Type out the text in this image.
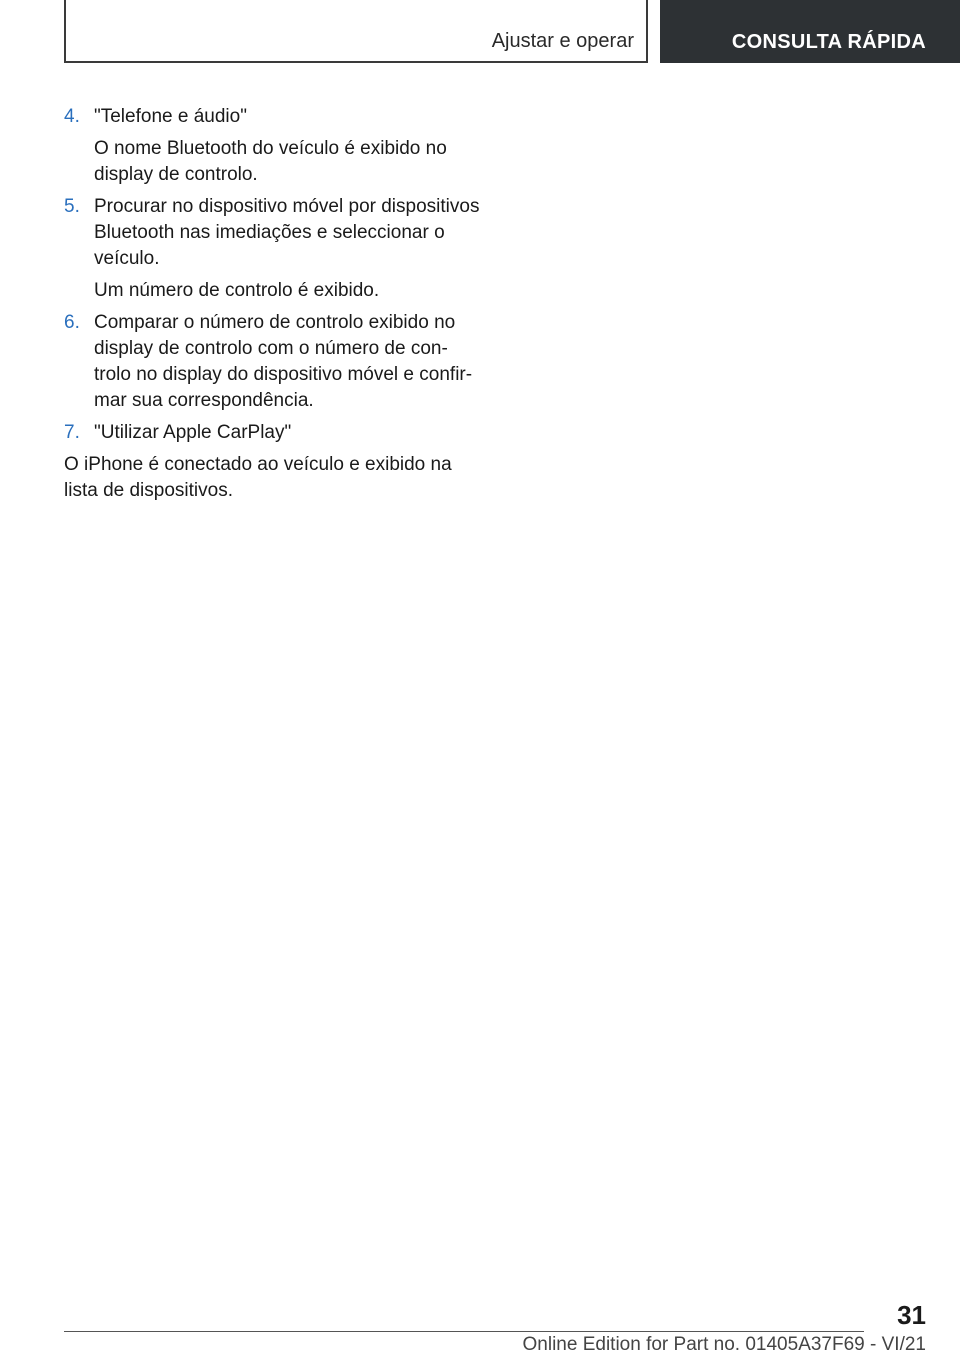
Ajustar e operar	CONSULTA RÁPIDA
4. "Telefone e áudio"
O nome Bluetooth do veículo é exibido no
display de controlo.
5. Procurar no dispositivo móvel por dispositivos
Bluetooth nas imediações e seleccionar o
veículo.
Um número de controlo é exibido.
6. Comparar o número de controlo exibido no
display de controlo com o número de con‐
trolo no display do dispositivo móvel e confir‐
mar sua correspondência.
7. "Utilizar Apple CarPlay"
O iPhone é conectado ao veículo e exibido na
lista de dispositivos.
31
Online Edition for Part no. 01405A37F69 - VI/21
